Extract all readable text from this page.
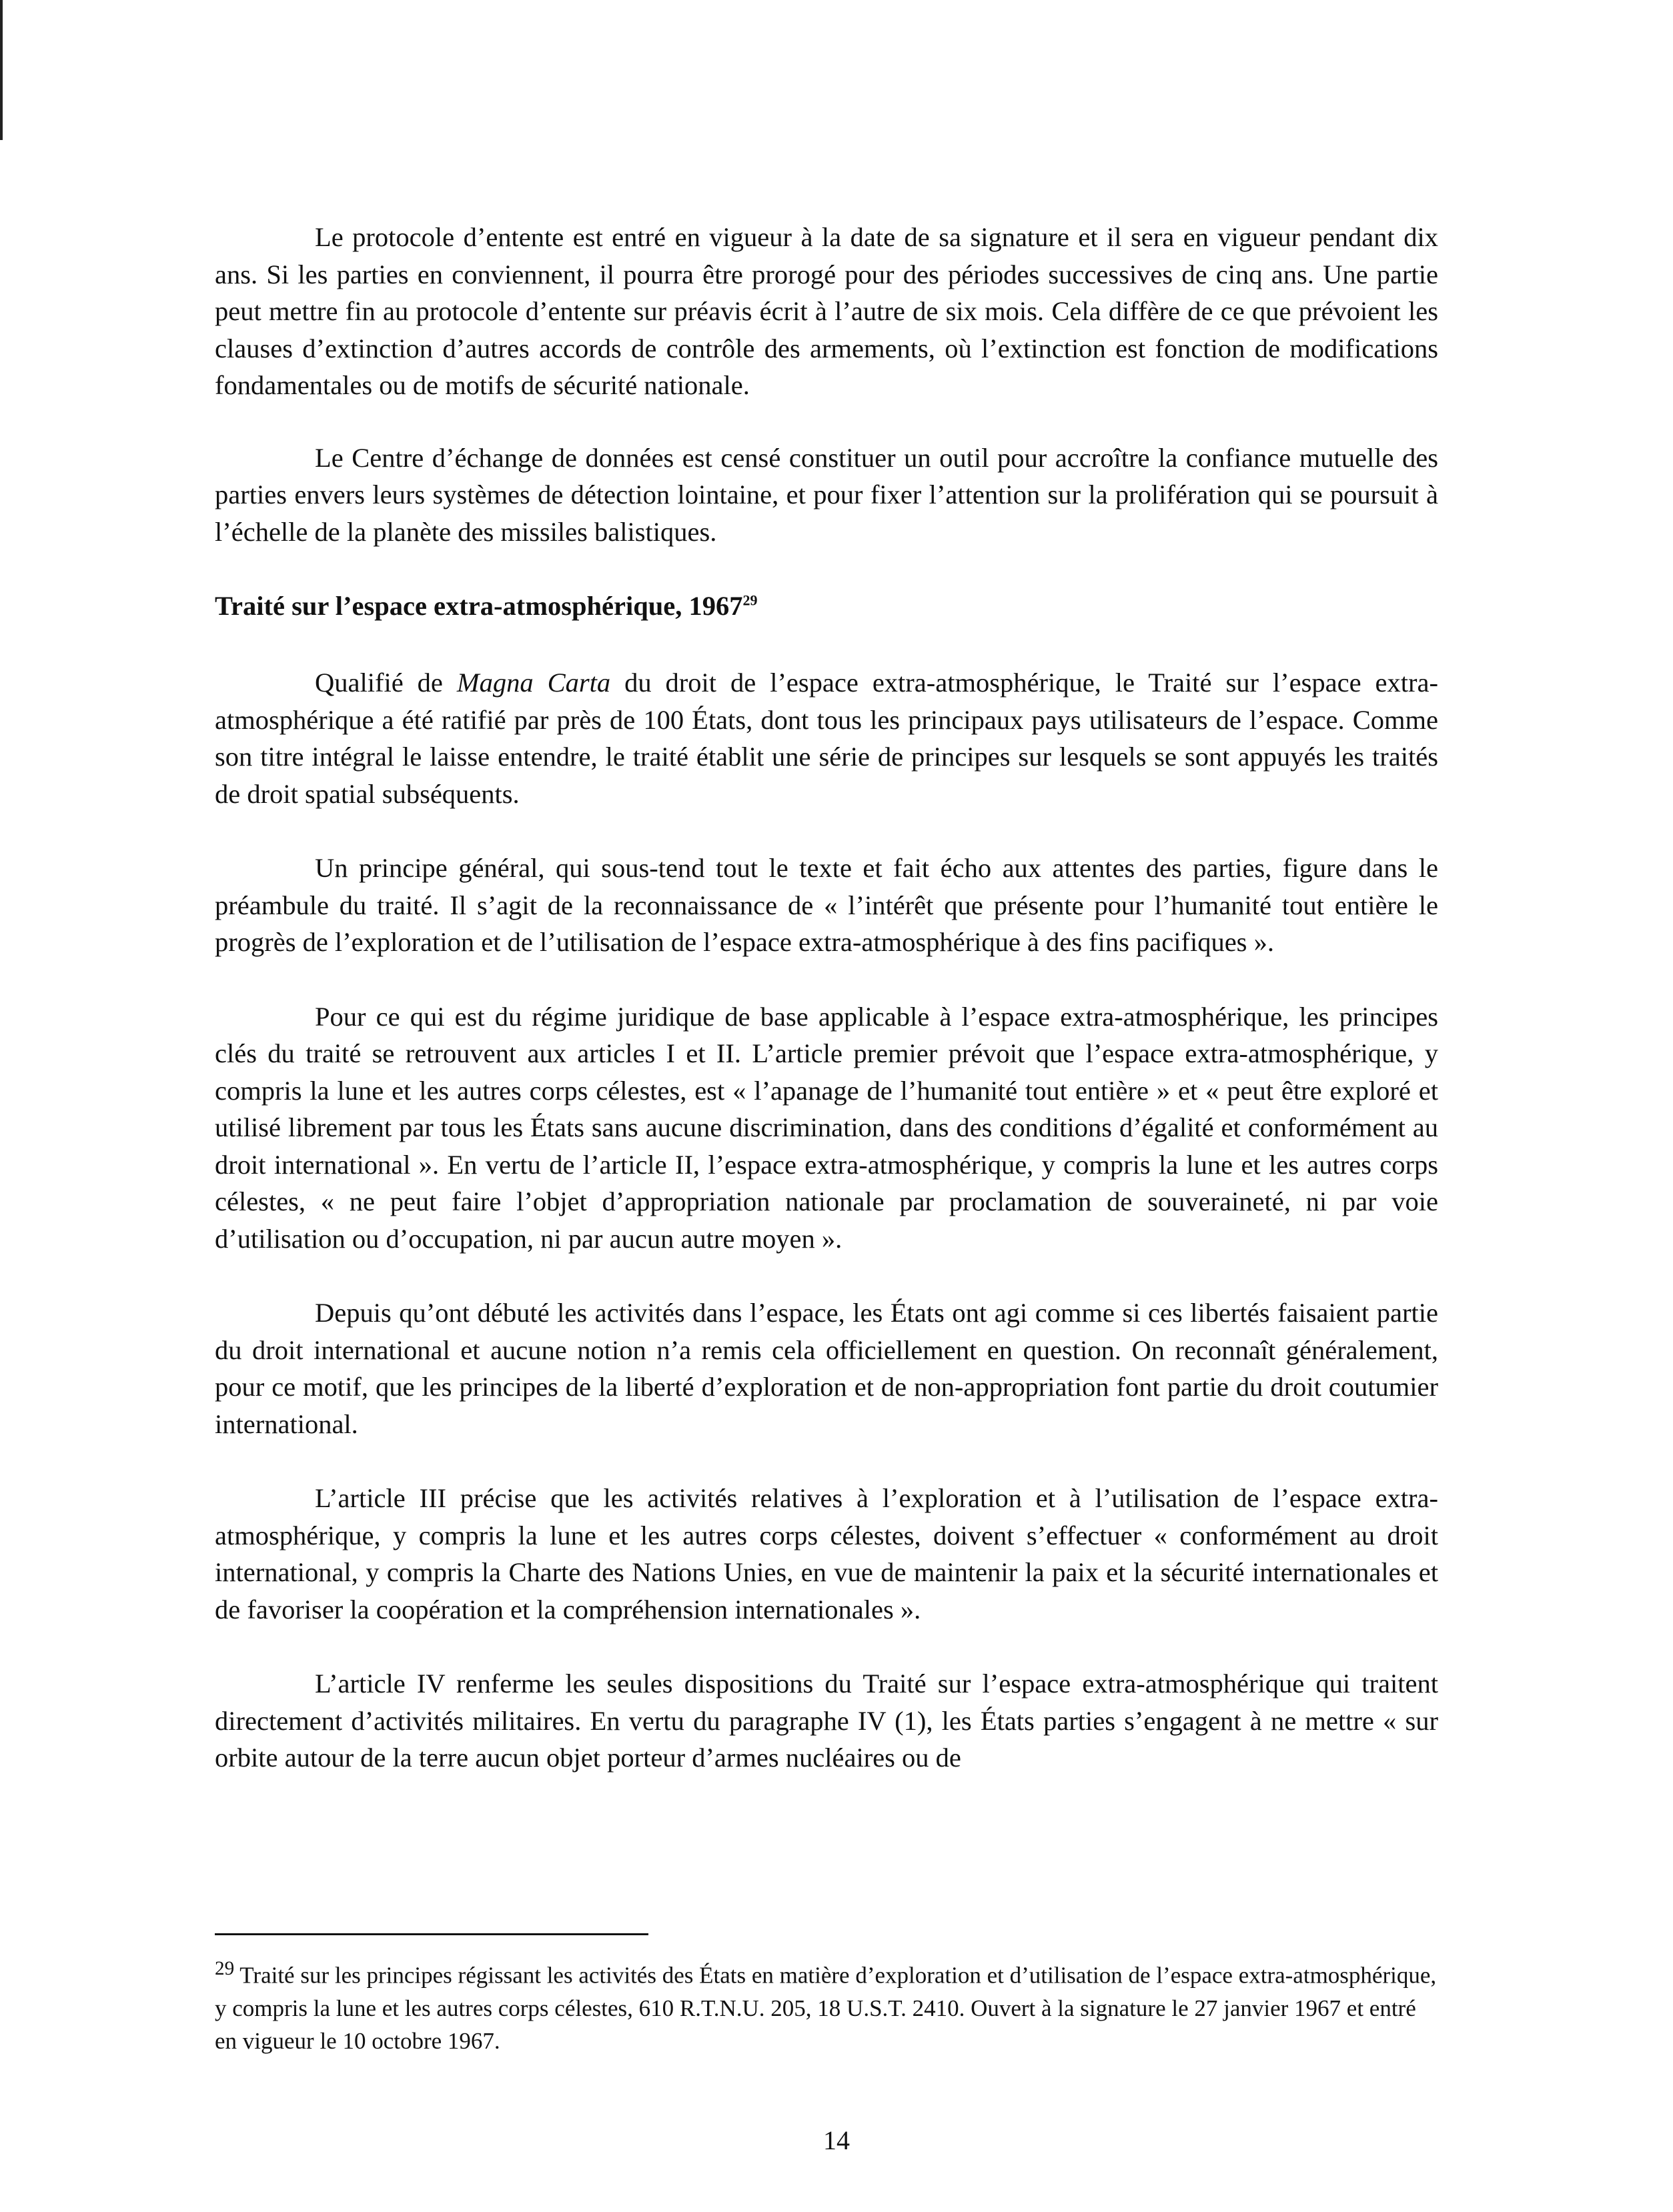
Le protocole d’entente est entré en vigueur à la date de sa signature et il sera en vigueur pendant dix ans. Si les parties en conviennent, il pourra être prorogé pour des périodes successives de cinq ans. Une partie peut mettre fin au protocole d’entente sur préavis écrit à l’autre de six mois. Cela diffère de ce que prévoient les clauses d’extinction d’autres accords de contrôle des armements, où l’extinction est fonction de modifications fondamentales ou de motifs de sécurité nationale.

Le Centre d’échange de données est censé constituer un outil pour accroître la confiance mutuelle des parties envers leurs systèmes de détection lointaine, et pour fixer l’attention sur la prolifération qui se poursuit à l’échelle de la planète des missiles balistiques.

Traité sur l’espace extra-atmosphérique, 1967$^{29}$

Qualifié de Magna Carta du droit de l’espace extra-atmosphérique, le Traité sur l’espace extra-atmosphérique a été ratifié par près de 100 États, dont tous les principaux pays utilisateurs de l’espace. Comme son titre intégral le laisse entendre, le traité établit une série de principes sur lesquels se sont appuyés les traités de droit spatial subséquents.

Un principe général, qui sous-tend tout le texte et fait écho aux attentes des parties, figure dans le préambule du traité. Il s’agit de la reconnaissance de « l’intérêt que présente pour l’humanité tout entière le progrès de l’exploration et de l’utilisation de l’espace extra-atmosphérique à des fins pacifiques ».

Pour ce qui est du régime juridique de base applicable à l’espace extra-atmosphérique, les principes clés du traité se retrouvent aux articles I et II. L’article premier prévoit que l’espace extra-atmosphérique, y compris la lune et les autres corps célestes, est « l’apanage de l’humanité tout entière » et « peut être exploré et utilisé librement par tous les États sans aucune discrimination, dans des conditions d’égalité et conformément au droit international ». En vertu de l’article II, l’espace extra-atmosphérique, y compris la lune et les autres corps célestes, « ne peut faire l’objet d’appropriation nationale par proclamation de souveraineté, ni par voie d’utilisation ou d’occupation, ni par aucun autre moyen ».

Depuis qu’ont débuté les activités dans l’espace, les États ont agi comme si ces libertés faisaient partie du droit international et aucune notion n’a remis cela officiellement en question. On reconnaît généralement, pour ce motif, que les principes de la liberté d’exploration et de non-appropriation font partie du droit coutumier international.

L’article III précise que les activités relatives à l’exploration et à l’utilisation de l’espace extra-atmosphérique, y compris la lune et les autres corps célestes, doivent s’effectuer « conformément au droit international, y compris la Charte des Nations Unies, en vue de maintenir la paix et la sécurité internationales et de favoriser la coopération et la compréhension internationales ».

L’article IV renferme les seules dispositions du Traité sur l’espace extra-atmosphérique qui traitent directement d’activités militaires. En vertu du paragraphe IV (1), les États parties s’engagent à ne mettre « sur orbite autour de la terre aucun objet porteur d’armes nucléaires ou de

$^{29}$ Traité sur les principes régissant les activités des États en matière d’exploration et d’utilisation de l’espace extra-atmosphérique, y compris la lune et les autres corps célestes, 610 R.T.N.U. 205, 18 U.S.T. 2410. Ouvert à la signature le 27 janvier 1967 et entré en vigueur le 10 octobre 1967.
14
